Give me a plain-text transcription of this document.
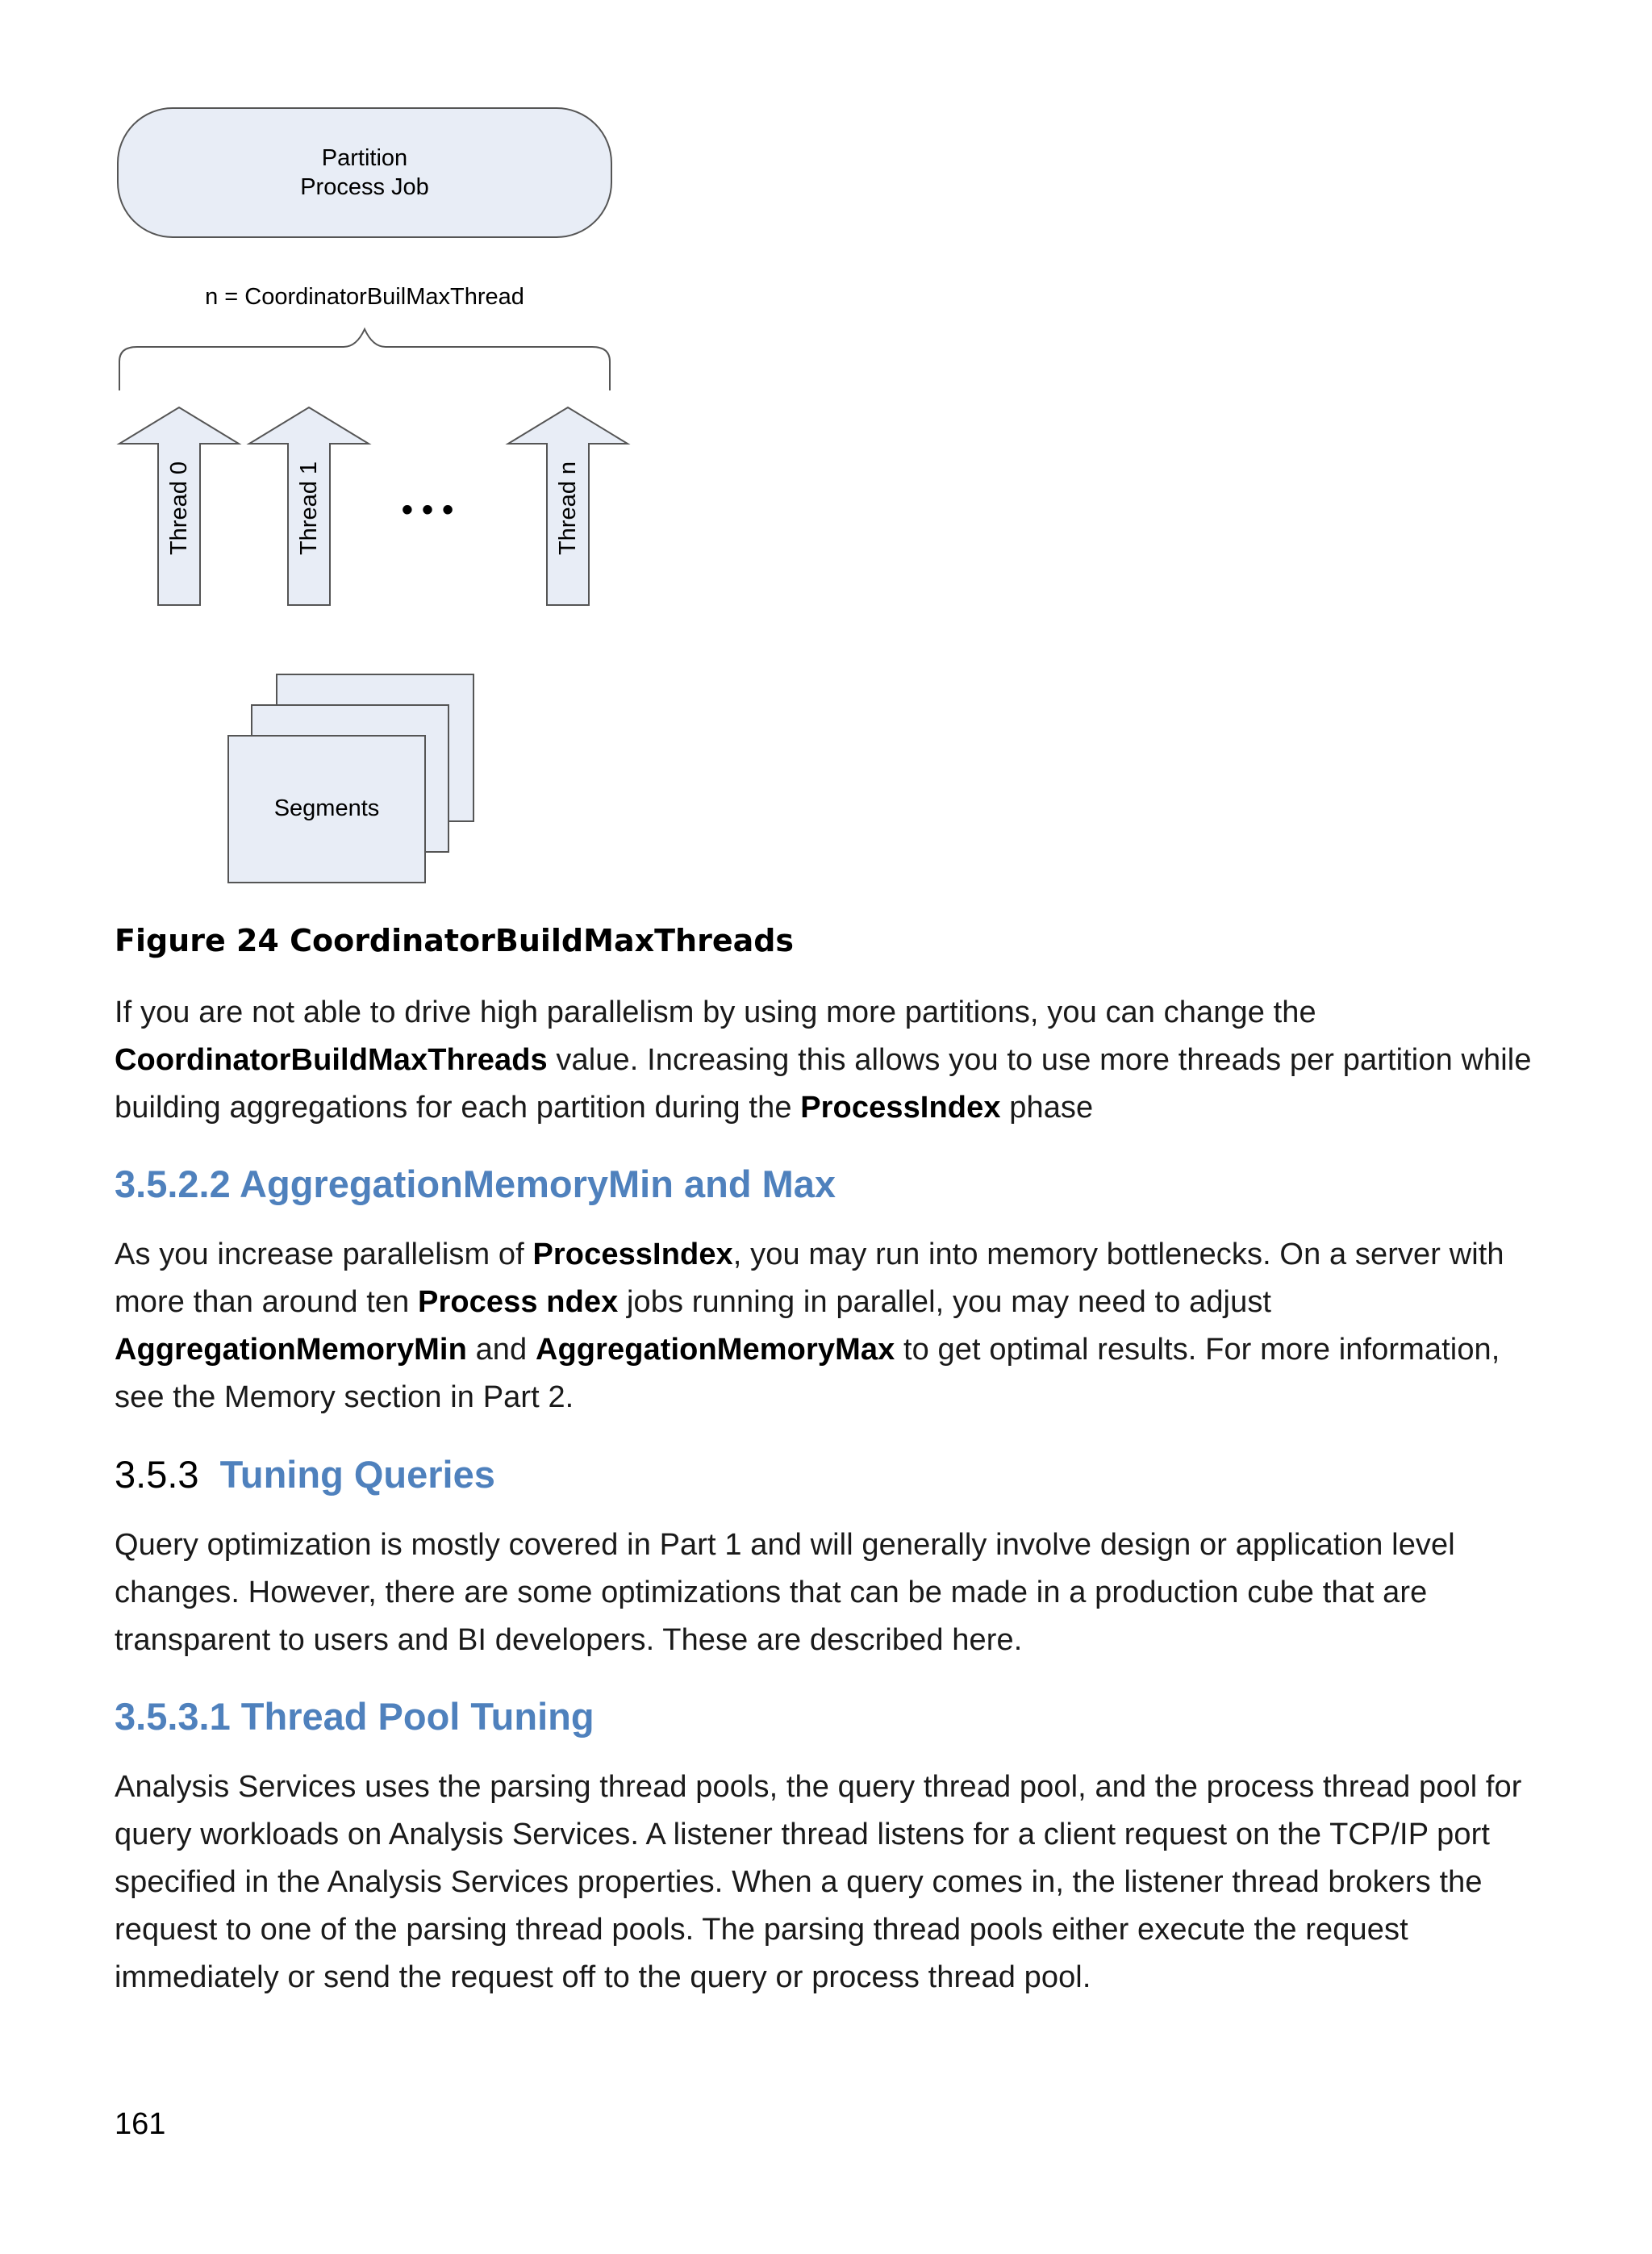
Partition
Process Job
n = CoordinatorBuilMaxThread
Thread 0	Thread 1	Thread n
• • •
Segments
Figure 24 CoordinatorBuildMaxThreads
If you are not able to drive high parallelism by using more partitions, you can change the CoordinatorBuildMaxThreads value. Increasing this allows you to use more threads per partition while building aggregations for each partition during the ProcessIndex phase
3.5.2.2 AggregationMemoryMin and Max
As you increase parallelism of ProcessIndex, you may run into memory bottlenecks. On a server with more than around ten Process ndex jobs running in parallel, you may need to adjust AggregationMemoryMin and AggregationMemoryMax to get optimal results. For more information, see the Memory section in Part 2.
3.5.3 Tuning Queries
Query optimization is mostly covered in Part 1 and will generally involve design or application level changes. However, there are some optimizations that can be made in a production cube that are transparent to users and BI developers. These are described here.
3.5.3.1 Thread Pool Tuning
Analysis Services uses the parsing thread pools, the query thread pool, and the process thread pool for query workloads on Analysis Services. A listener thread listens for a client request on the TCP/IP port specified in the Analysis Services properties. When a query comes in, the listener thread brokers the request to one of the parsing thread pools. The parsing thread pools either execute the request immediately or send the request off to the query or process thread pool.
161
